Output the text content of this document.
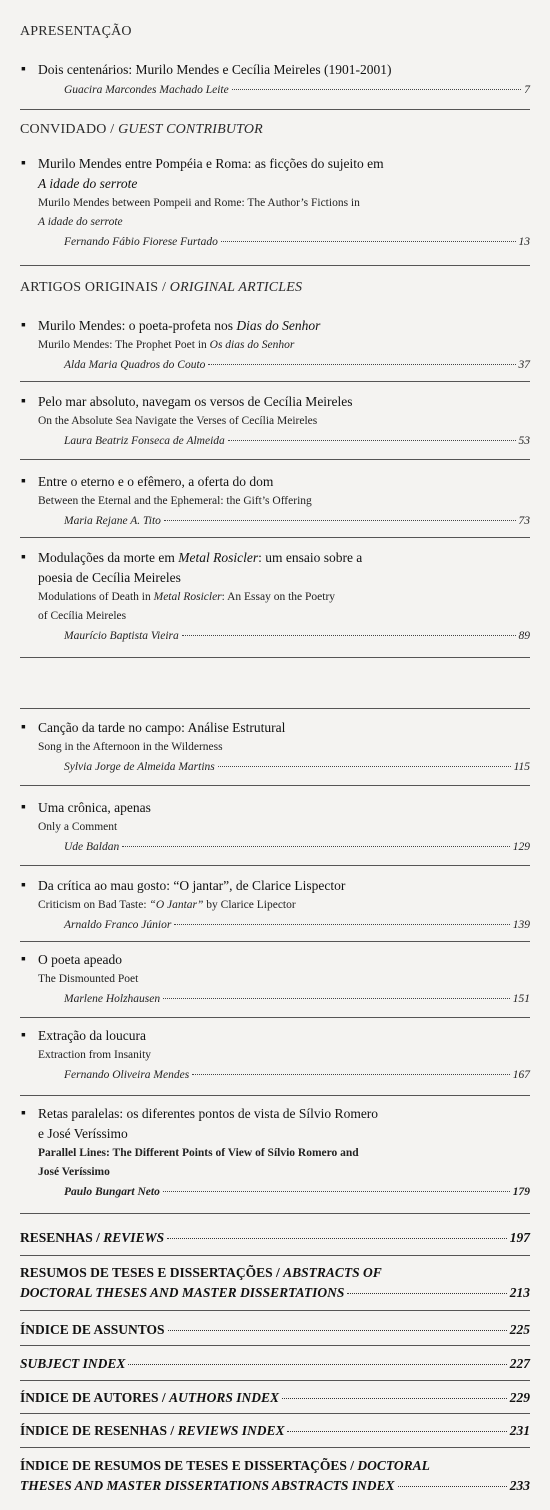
APRESENTAÇÃO
▪ Dois centenários: Murilo Mendes e Cecília Meireles (1901-2001)
Guacira Marcondes Machado Leite	7
CONVIDADO / GUEST CONTRIBUTOR
▪ Murilo Mendes entre Pompéia e Roma: as ficções do sujeito em
A idade do serrote
Murilo Mendes between Pompeii and Rome: The Author’s Fictions in
A idade do serrote
Fernando Fábio Fiorese Furtado	13
ARTIGOS ORIGINAIS / ORIGINAL ARTICLES
▪ Murilo Mendes: o poeta-profeta nos Dias do Senhor
Murilo Mendes: The Prophet Poet in Os dias do Senhor
Alda Maria Quadros do Couto	37
▪ Pelo mar absoluto, navegam os versos de Cecília Meireles
On the Absolute Sea Navigate the Verses of Cecília Meireles
Laura Beatriz Fonseca de Almeida	53
▪ Entre o eterno e o efêmero, a oferta do dom
Between the Eternal and the Ephemeral: the Gift’s Offering
Maria Rejane A. Tito	73
▪ Modulações da morte em Metal Rosicler: um ensaio sobre a
poesia de Cecília Meireles
Modulations of Death in Metal Rosicler: An Essay on the Poetry
of Cecília Meireles
Maurício Baptista Vieira	89
▪ Canção da tarde no campo: Análise Estrutural
Song in the Afternoon in the Wilderness
Sylvia Jorge de Almeida Martins	115
▪ Uma crônica, apenas
Only a Comment
Ude Baldan	129
▪ Da crítica ao mau gosto: “O jantar”, de Clarice Lispector
Criticism on Bad Taste: “O Jantar” by Clarice Lipector
Arnaldo Franco Júnior	139
▪ O poeta apeado
The Dismounted Poet
Marlene Holzhausen	151
▪ Extração da loucura
Extraction from Insanity
Fernando Oliveira Mendes	167
▪ Retas paralelas: os diferentes pontos de vista de Sílvio Romero
e José Veríssimo
Parallel Lines: The Different Points of View of Sílvio Romero and
José Veríssimo
Paulo Bungart Neto	179
RESENHAS / REVIEWS	197
RESUMOS DE TESES E DISSERTAÇÕES / ABSTRACTS OF
DOCTORAL THESES AND MASTER DISSERTATIONS	213
ÍNDICE DE ASSUNTOS	225
SUBJECT INDEX	227
ÍNDICE DE AUTORES / AUTHORS INDEX	229
ÍNDICE DE RESENHAS / REVIEWS INDEX	231
ÍNDICE DE RESUMOS DE TESES E DISSERTAÇÕES / DOCTORAL
THESES AND MASTER DISSERTATIONS ABSTRACTS INDEX	233
